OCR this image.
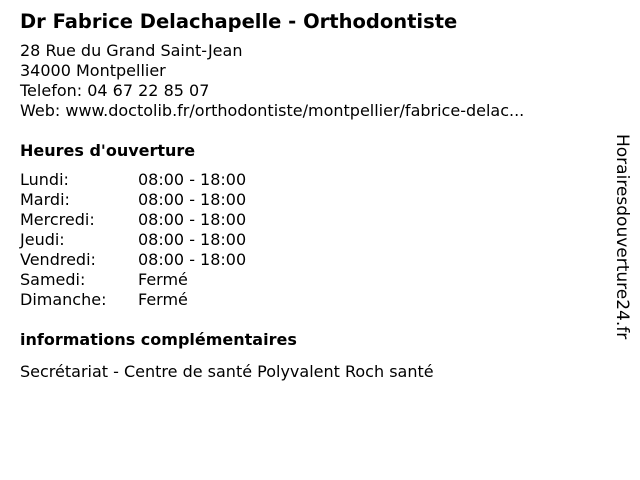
Dr Fabrice Delachapelle - Orthodontiste
28 Rue du Grand Saint-Jean
34000 Montpellier
Telefon: 04 67 22 85 07
Web: www.doctolib.fr/orthodontiste/montpellier/fabrice-delac...
Heures d'ouverture
Lundi:	08:00 - 18:00
Mardi:	08:00 - 18:00
Mercredi:	08:00 - 18:00
Jeudi:	08:00 - 18:00
Vendredi:	08:00 - 18:00
Samedi:	Fermé
Dimanche:	Fermé
informations complémentaires
Secrétariat - Centre de santé Polyvalent Roch santé
Horairesdouverture24.fr
